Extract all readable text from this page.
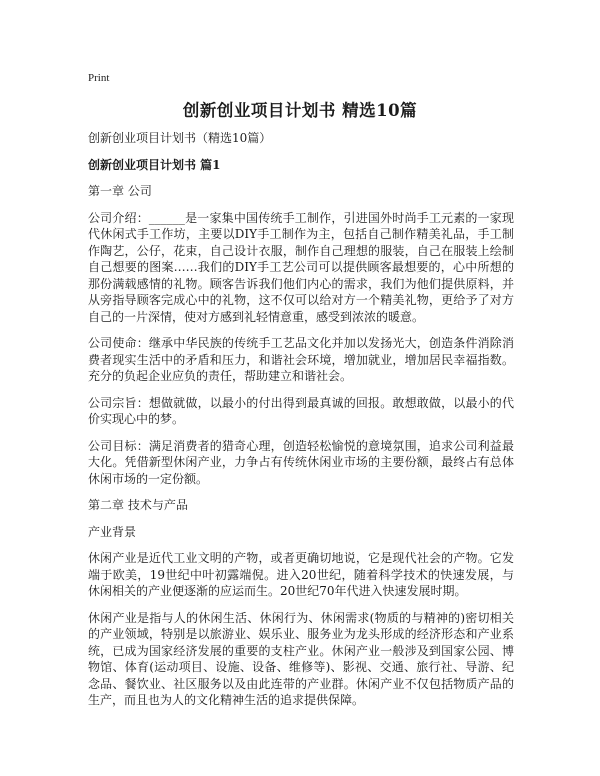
Print
创新创业项目计划书 精选10篇

创新创业项目计划书（精选10篇）

创新创业项目计划书 篇1

第一章 公司

公司介绍：______是一家集中国传统手工制作，引进国外时尚手工元素的一家现代休闲式手工作坊，主要以DIY手工制作为主，包括自己制作精美礼品，手工制作陶艺，公仔，花束，自己设计衣服，制作自己理想的服装，自己在服装上绘制自己想要的图案……我们的DIY手工艺公司可以提供顾客最想要的，心中所想的那份满载感情的礼物。顾客告诉我们他们内心的需求，我们为他们提供原料，并从旁指导顾客完成心中的礼物，这不仅可以给对方一个精美礼物，更给予了对方自己的一片深情，使对方感到礼轻情意重，感受到浓浓的暖意。

公司使命：继承中华民族的传统手工艺品文化并加以发扬光大，创造条件消除消费者现实生活中的矛盾和压力，和谐社会环境，增加就业，增加居民幸福指数。充分的负起企业应负的责任，帮助建立和谐社会。

公司宗旨：想做就做，以最小的付出得到最真诚的回报。敢想敢做，以最小的代价实现心中的梦。

公司目标：满足消费者的猎奇心理，创造轻松愉悦的意境氛围，追求公司利益最大化。凭借新型休闲产业，力争占有传统休闲业市场的主要份额，最终占有总体休闲市场的一定份额。

第二章 技术与产品

产业背景

休闲产业是近代工业文明的产物，或者更确切地说，它是现代社会的产物。它发端于欧美，19世纪中叶初露端倪。进入20世纪，随着科学技术的快速发展，与休闲相关的产业便逐渐的应运而生。20世纪70年代进入快速发展时期。

休闲产业是指与人的休闲生活、休闲行为、休闲需求(物质的与精神的)密切相关的产业领域，特别是以旅游业、娱乐业、服务业为龙头形成的经济形态和产业系统，已成为国家经济发展的重要的支柱产业。休闲产业一般涉及到国家公园、博物馆、体育(运动项目、设施、设备、维修等)、影视、交通、旅行社、导游、纪念品、餐饮业、社区服务以及由此连带的产业群。休闲产业不仅包括物质产品的生产，而且也为人的文化精神生活的追求提供保障。
